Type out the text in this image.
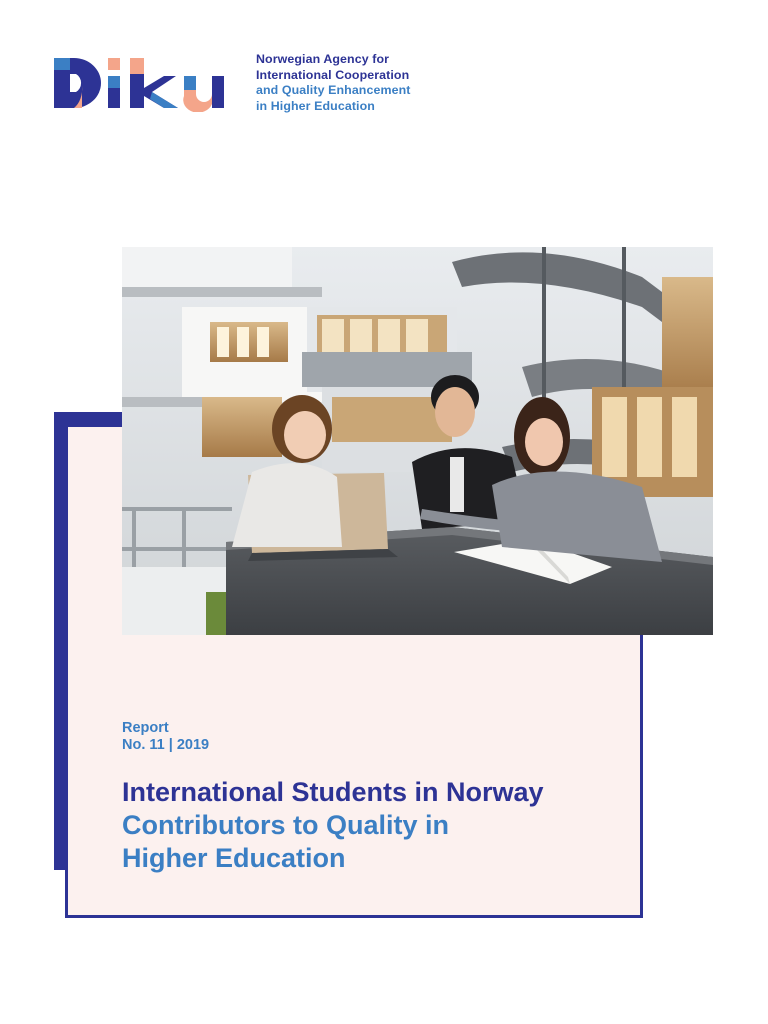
DIKU	Norwegian Agency for
International Cooperation
and Quality Enhancement
in Higher Education
Report
No. 11 | 2019
International Students in Norway
Contributors to Quality in
Higher Education
